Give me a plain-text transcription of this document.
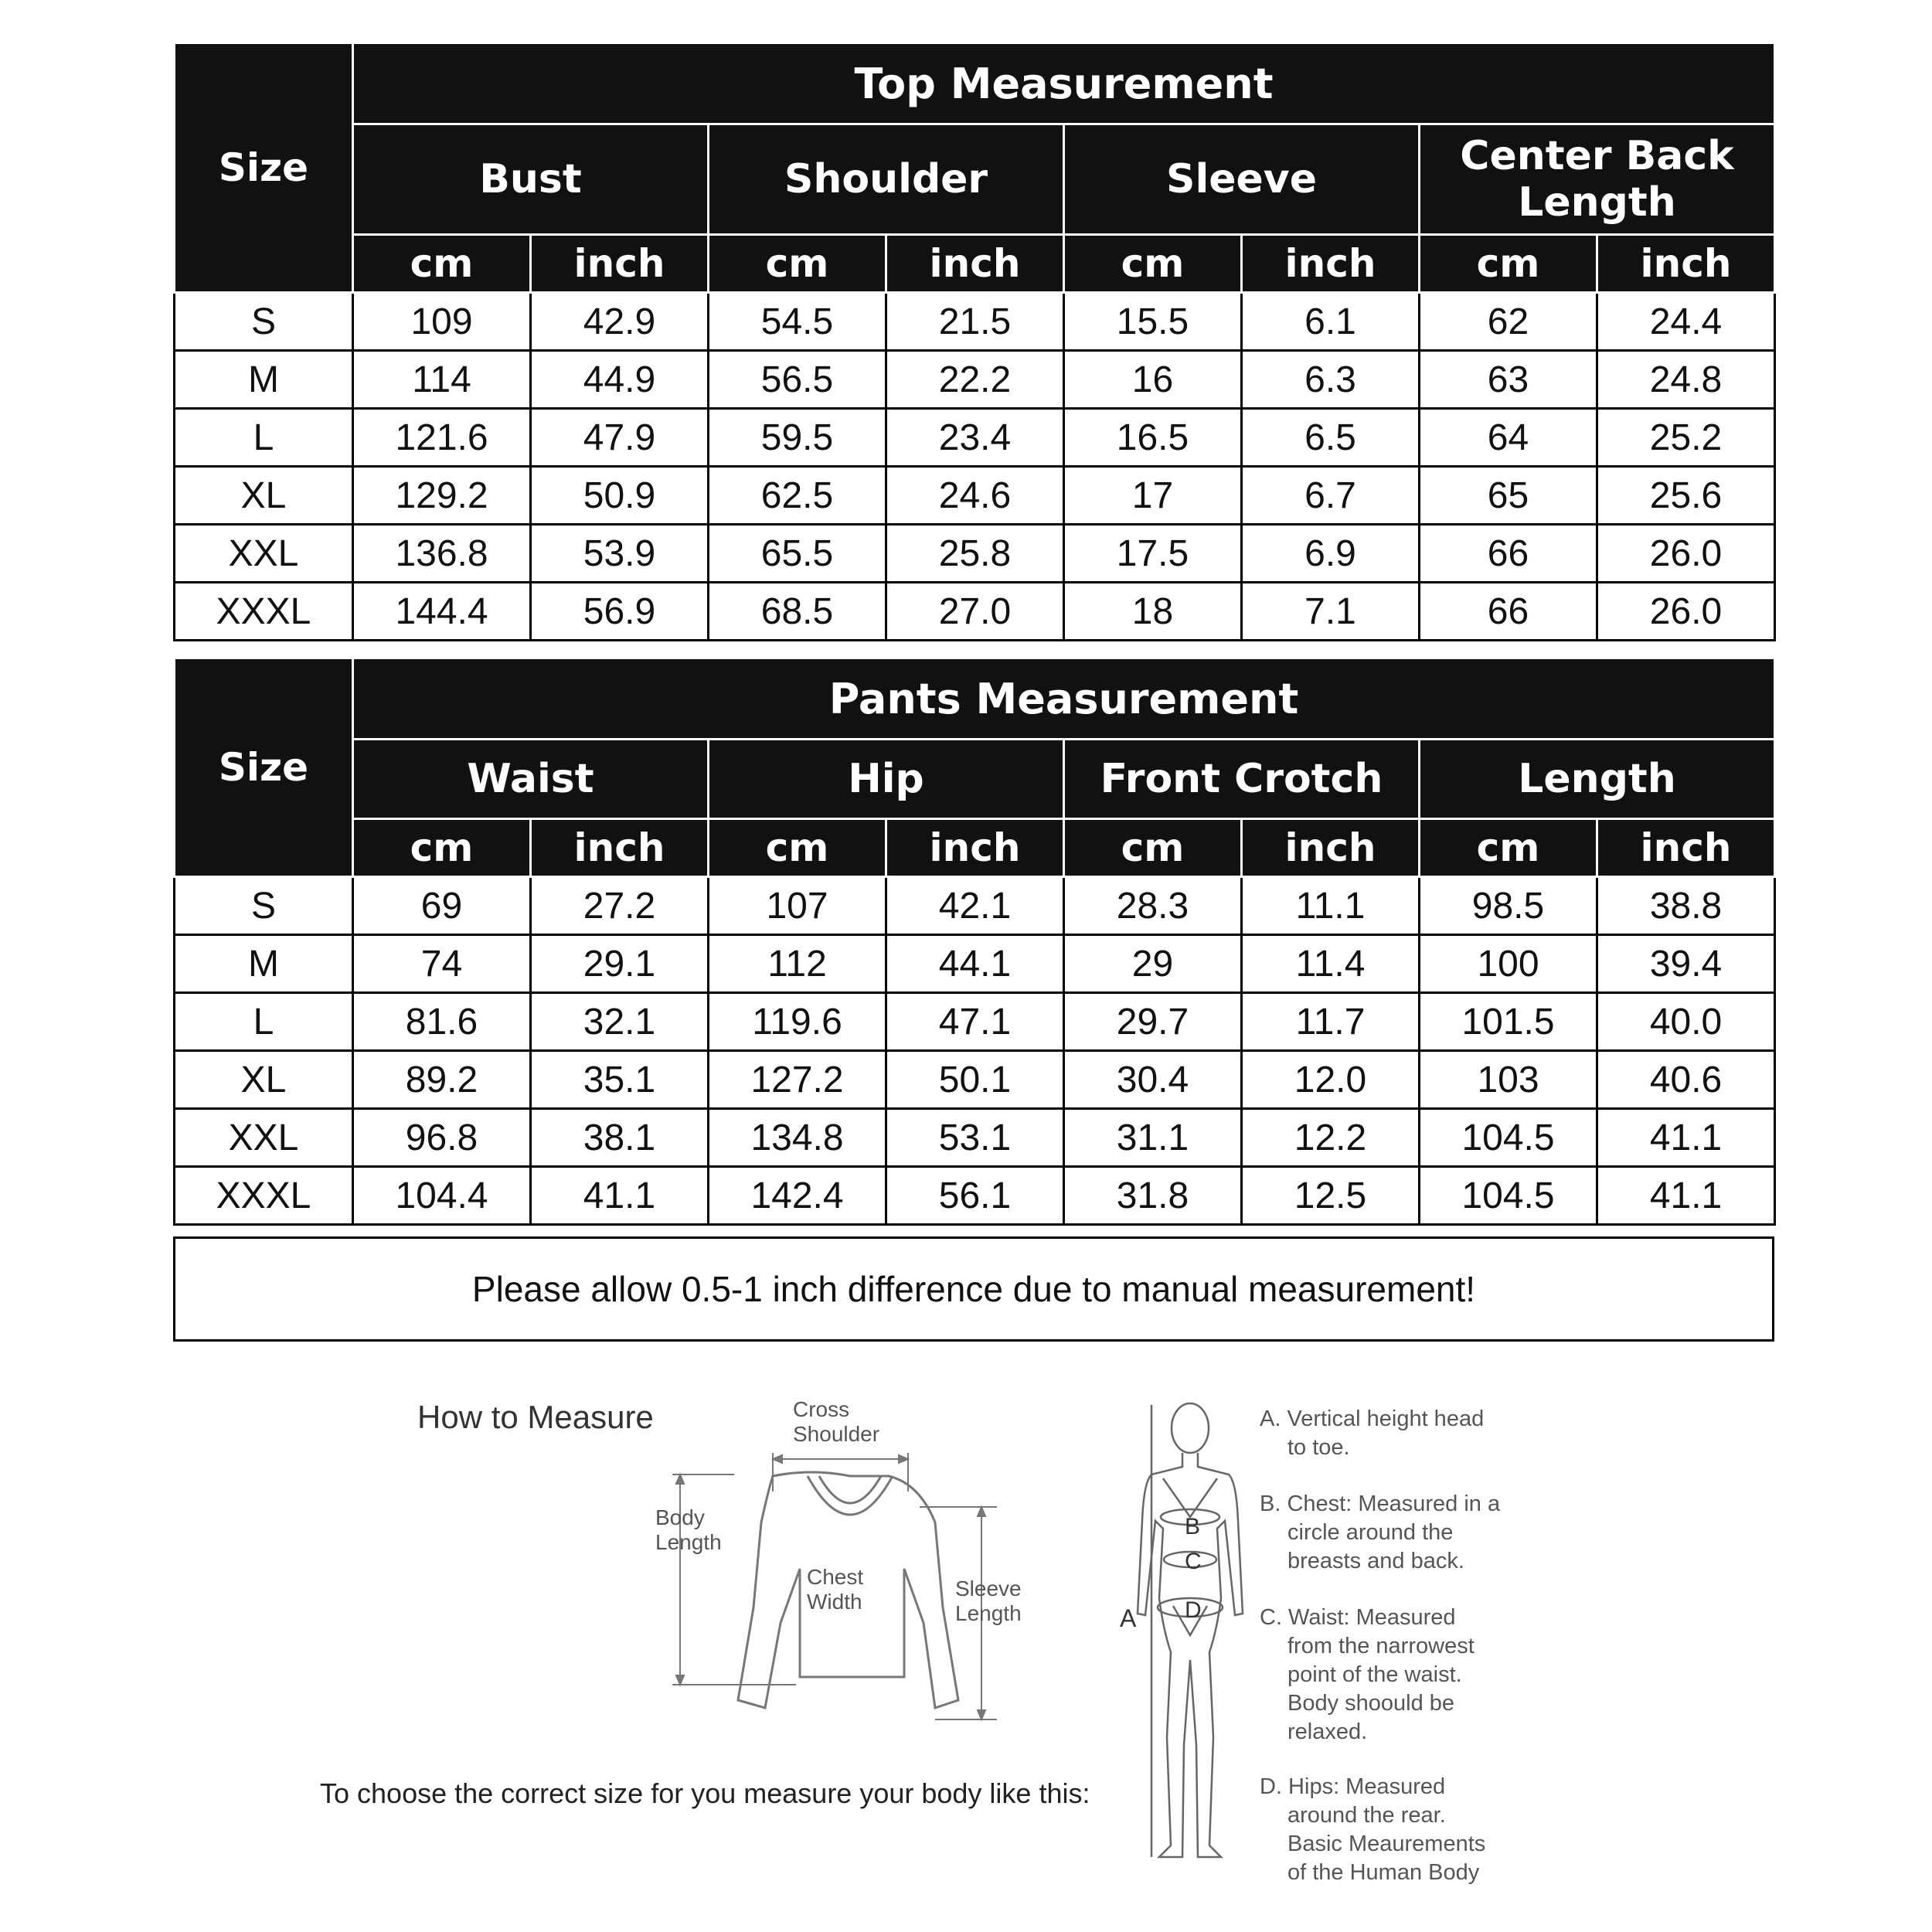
Size	Top Measurement							
	Bust		Shoulder		Sleeve		Center Back Length	
	cm	inch	cm	inch	cm	inch	cm	inch
S	109	42.9	54.5	21.5	15.5	6.1	62	24.4
M	114	44.9	56.5	22.2	16	6.3	63	24.8
L	121.6	47.9	59.5	23.4	16.5	6.5	64	25.2
XL	129.2	50.9	62.5	24.6	17	6.7	65	25.6
XXL	136.8	53.9	65.5	25.8	17.5	6.9	66	26.0
XXXL	144.4	56.9	68.5	27.0	18	7.1	66	26.0
Size	Pants Measurement							
	Waist		Hip		Front Crotch		Length	
	cm	inch	cm	inch	cm	inch	cm	inch
S	69	27.2	107	42.1	28.3	11.1	98.5	38.8
M	74	29.1	112	44.1	29	11.4	100	39.4
L	81.6	32.1	119.6	47.1	29.7	11.7	101.5	40.0
XL	89.2	35.1	127.2	50.1	30.4	12.0	103	40.6
XXL	96.8	38.1	134.8	53.1	31.1	12.2	104.5	41.1
XXXL	104.4	41.1	142.4	56.1	31.8	12.5	104.5	41.1
Please allow 0.5-1 inch difference due to manual measurement!
How to Measure	Cross
Shoulder
Body
Length
Chest
Width
Sleeve
Length	A
B
C
D
A. Vertical height head
to toe.
B. Chest: Measured in a
circle around the
breasts and back.
C. Waist: Measured
from the narrowest
point of the waist.
Body shoould be
relaxed.
D. Hips: Measured
around the rear.
Basic Meaurements
of the Human Body
To choose the correct size for you measure your body like this:
